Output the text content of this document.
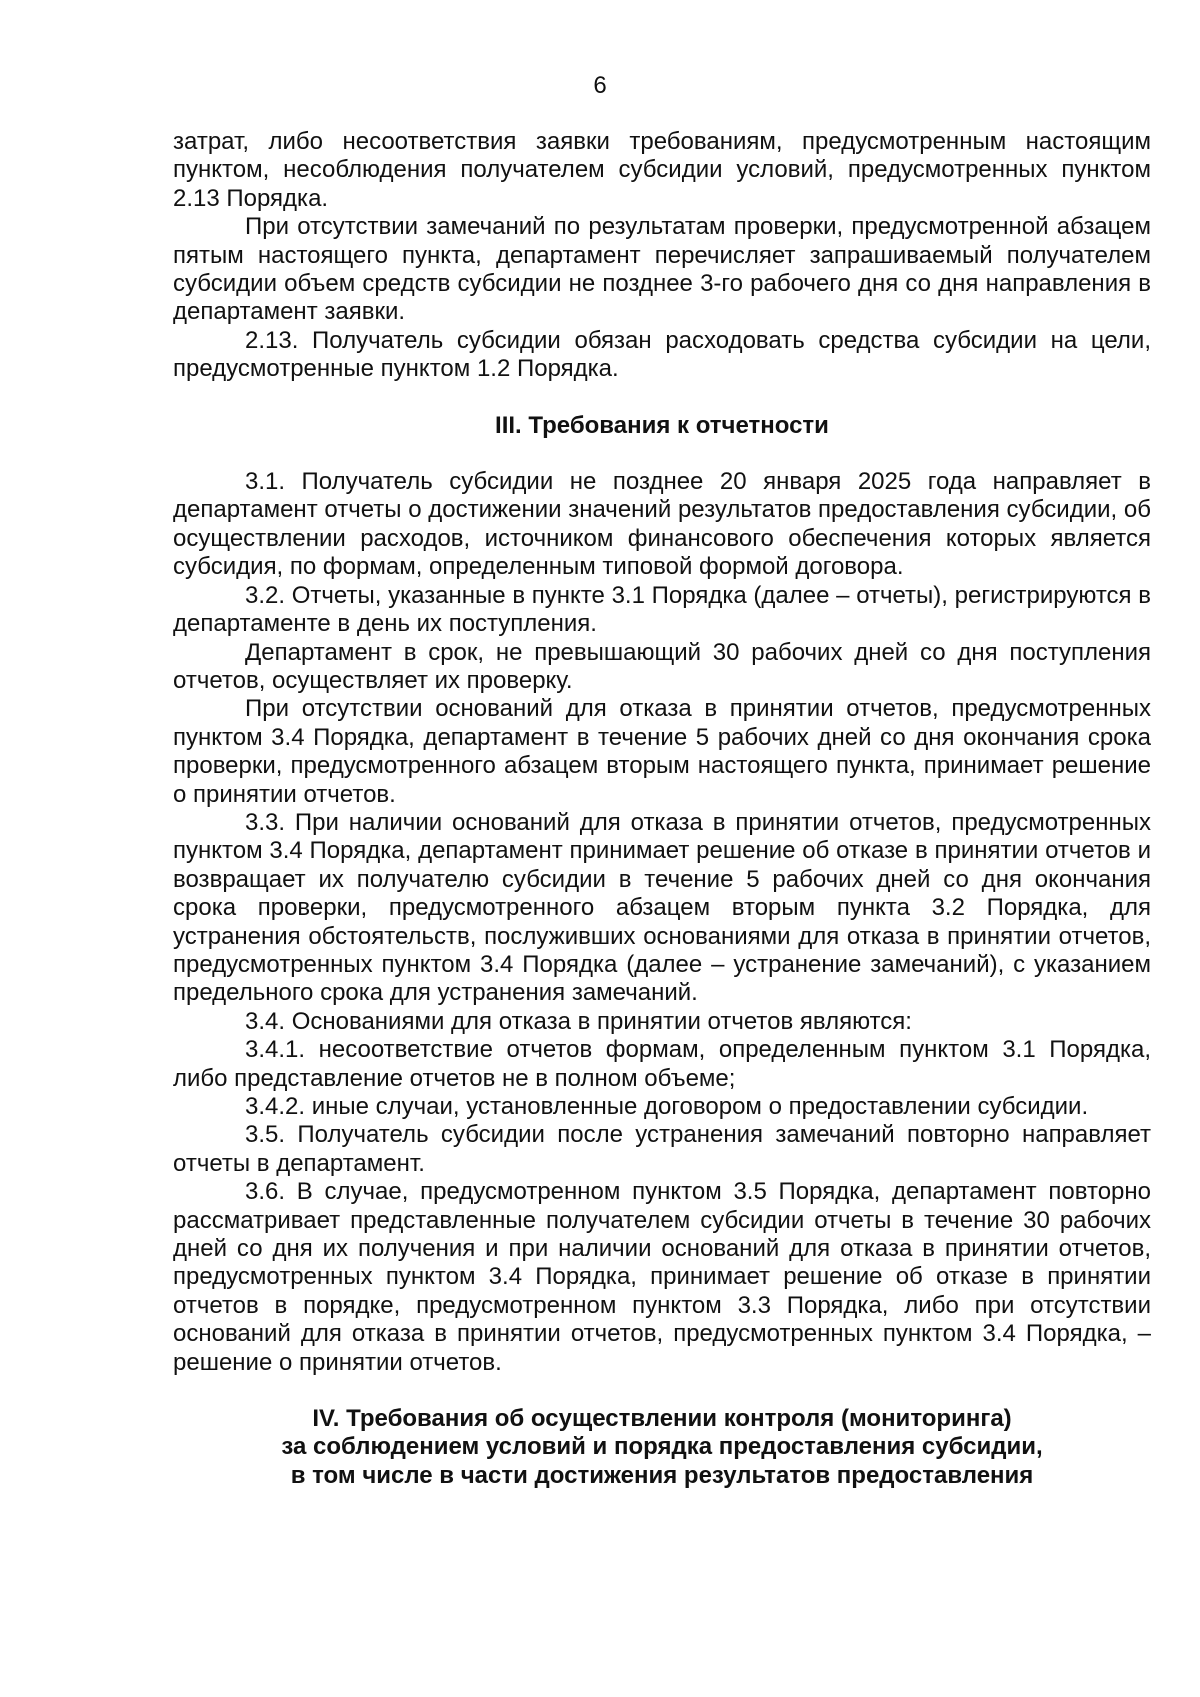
6

затрат, либо несоответствия заявки требованиям, предусмотренным настоящим пунктом, несоблюдения получателем субсидии условий, предусмотренных пунктом 2.13 Порядка.

При отсутствии замечаний по результатам проверки, предусмотренной абзацем пятым настоящего пункта, департамент перечисляет запрашиваемый получателем субсидии объем средств субсидии не позднее 3-го рабочего дня со дня направления в департамент заявки.

2.13. Получатель субсидии обязан расходовать средства субсидии на цели, предусмотренные пунктом 1.2 Порядка.

III. Требования к отчетности

3.1. Получатель субсидии не позднее 20 января 2025 года направляет в департамент отчеты о достижении значений результатов предоставления субсидии, об осуществлении расходов, источником финансового обеспечения которых является субсидия, по формам, определенным типовой формой договора.

3.2. Отчеты, указанные в пункте 3.1 Порядка (далее – отчеты), регистрируются в департаменте в день их поступления.

Департамент в срок, не превышающий 30 рабочих дней со дня поступления отчетов, осуществляет их проверку.

При отсутствии оснований для отказа в принятии отчетов, предусмотренных пунктом 3.4 Порядка, департамент в течение 5 рабочих дней со дня окончания срока проверки, предусмотренного абзацем вторым настоящего пункта, принимает решение о принятии отчетов.

3.3. При наличии оснований для отказа в принятии отчетов, предусмотренных пунктом 3.4 Порядка, департамент принимает решение об отказе в принятии отчетов и возвращает их получателю субсидии в течение 5 рабочих дней со дня окончания срока проверки, предусмотренного абзацем вторым пункта 3.2 Порядка, для устранения обстоятельств, послуживших основаниями для отказа в принятии отчетов, предусмотренных пунктом 3.4 Порядка (далее – устранение замечаний), с указанием предельного срока для устранения замечаний.

3.4. Основаниями для отказа в принятии отчетов являются:

3.4.1. несоответствие отчетов формам, определенным пунктом 3.1 Порядка, либо представление отчетов не в полном объеме;

3.4.2. иные случаи, установленные договором о предоставлении субсидии.

3.5. Получатель субсидии после устранения замечаний повторно направляет отчеты в департамент.

3.6. В случае, предусмотренном пунктом 3.5 Порядка, департамент повторно рассматривает представленные получателем субсидии отчеты в течение 30 рабочих дней со дня их получения и при наличии оснований для отказа в принятии отчетов, предусмотренных пунктом 3.4 Порядка, принимает решение об отказе в принятии отчетов в порядке, предусмотренном пунктом 3.3 Порядка, либо при отсутствии оснований для отказа в принятии отчетов, предусмотренных пунктом 3.4 Порядка, – решение о принятии отчетов.

IV. Требования об осуществлении контроля (мониторинга)
за соблюдением условий и порядка предоставления субсидии,
в том числе в части достижения результатов предоставления
